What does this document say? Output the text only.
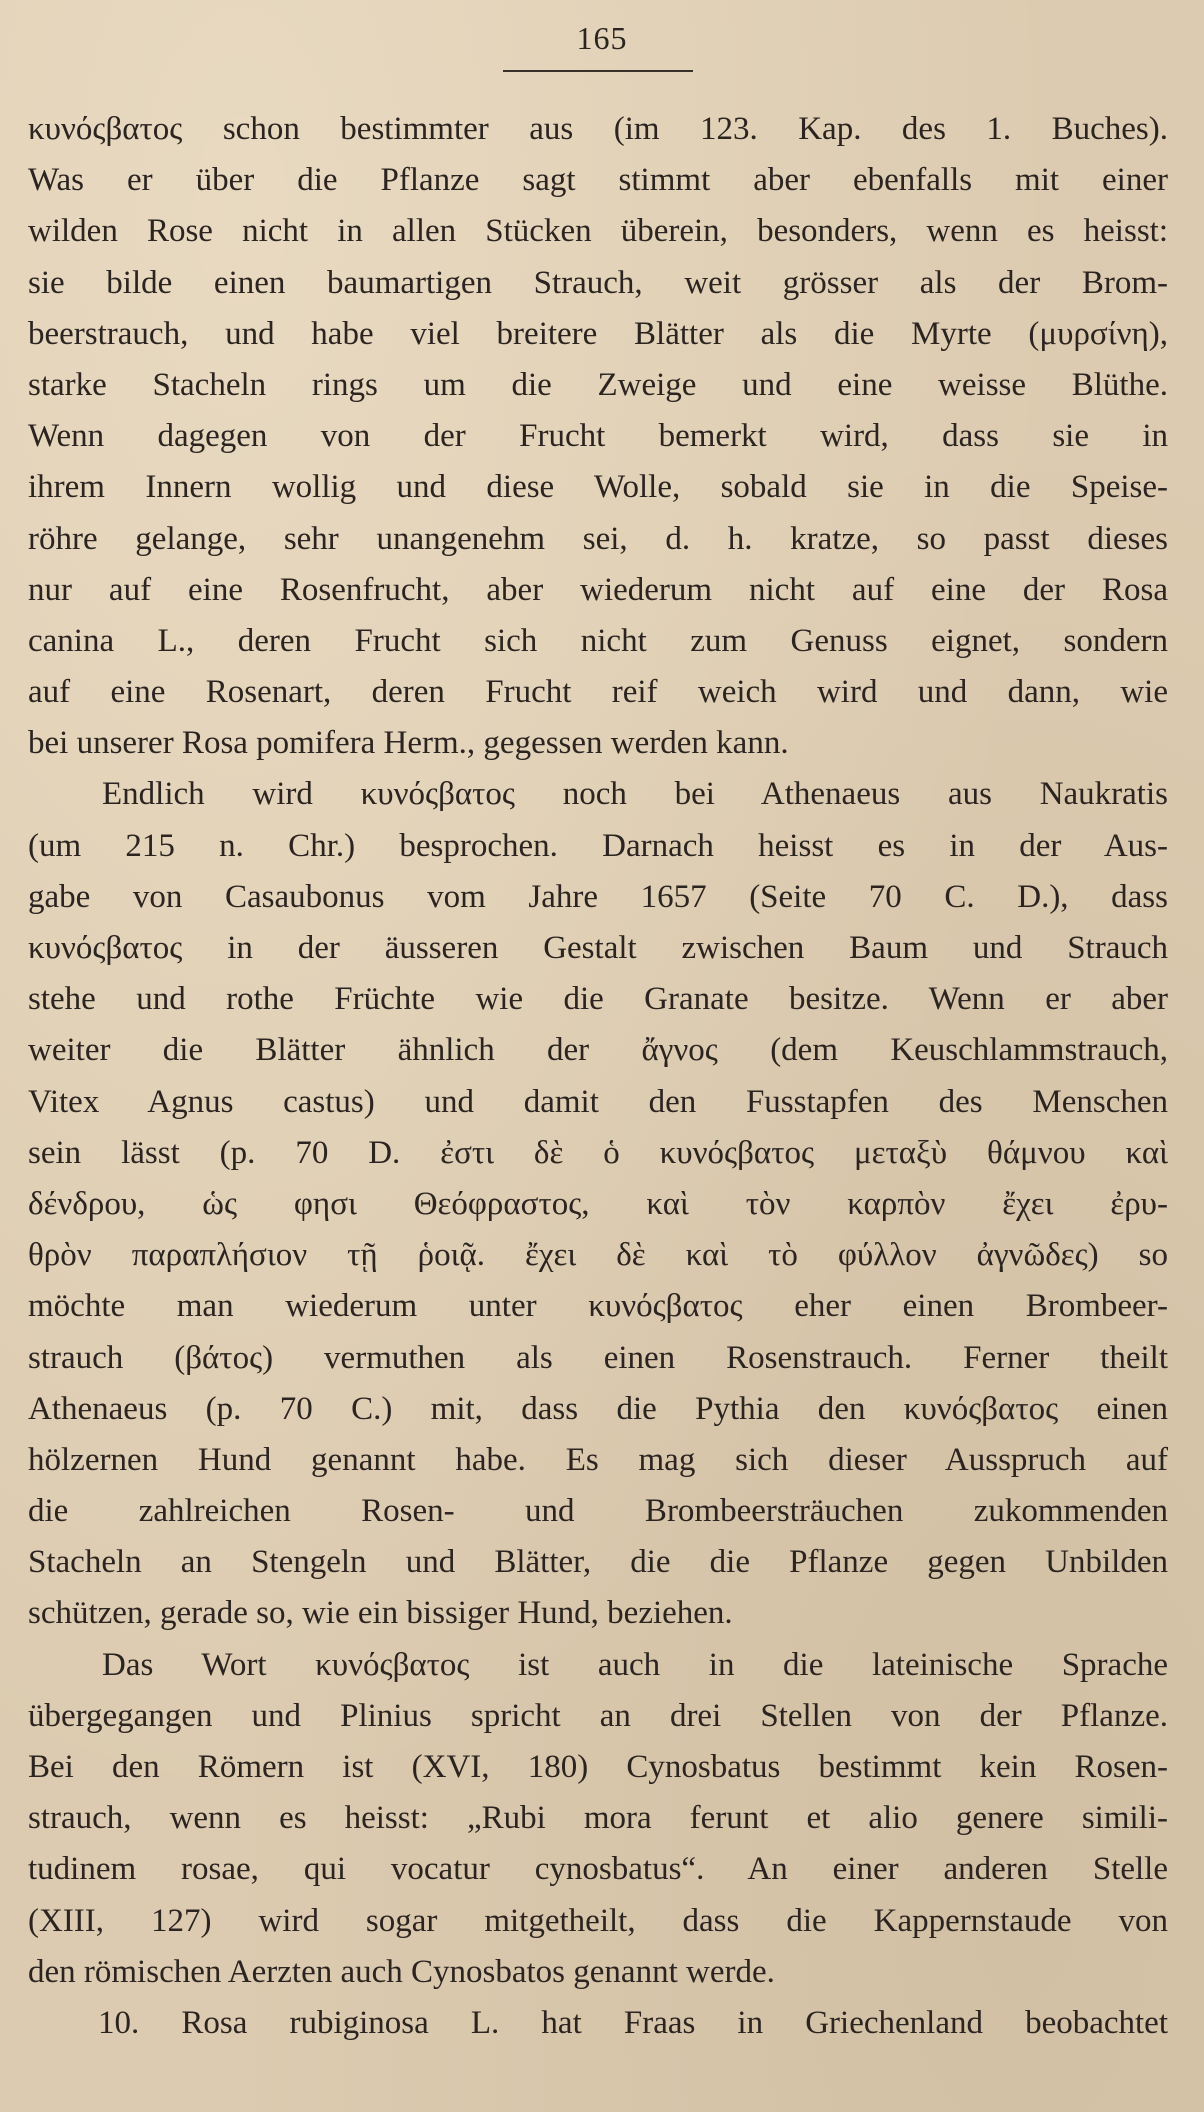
165
κυνόςβατος schon bestimmter aus (im 123. Kap. des 1. Buches).
Was er über die Pflanze sagt stimmt aber ebenfalls mit einer
wilden Rose nicht in allen Stücken überein, besonders, wenn es heisst:
sie bilde einen baumartigen Strauch, weit grösser als der Brom-
beerstrauch, und habe viel breitere Blätter als die Myrte (μυρσίνη),
starke Stacheln rings um die Zweige und eine weisse Blüthe.
Wenn dagegen von der Frucht bemerkt wird, dass sie in
ihrem Innern wollig und diese Wolle, sobald sie in die Speise-
röhre gelange, sehr unangenehm sei, d. h. kratze, so passt dieses
nur auf eine Rosenfrucht, aber wiederum nicht auf eine der Rosa
canina L., deren Frucht sich nicht zum Genuss eignet, sondern
auf eine Rosenart, deren Frucht reif weich wird und dann, wie
bei unserer Rosa pomifera Herm., gegessen werden kann.
Endlich wird κυνόςβατος noch bei Athenaeus aus Naukratis
(um 215 n. Chr.) besprochen. Darnach heisst es in der Aus-
gabe von Casaubonus vom Jahre 1657 (Seite 70 C. D.), dass
κυνόςβατος in der äusseren Gestalt zwischen Baum und Strauch
stehe und rothe Früchte wie die Granate besitze. Wenn er aber
weiter die Blätter ähnlich der ἄγνος (dem Keuschlammstrauch,
Vitex Agnus castus) und damit den Fusstapfen des Menschen
sein lässt (p. 70 D. ἐστι δὲ ὁ κυνόςβατος μεταξὺ θάμνου καὶ
δένδρου, ὡς φησι Θεόφραστος, καὶ τὸν καρπὸν ἔχει ἐρυ-
θρὸν παραπλήσιον τῇ ῥοιᾷ. ἔχει δὲ καὶ τὸ φύλλον ἀγνῶδες) so
möchte man wiederum unter κυνόςβατος eher einen Brombeer-
strauch (βάτος) vermuthen als einen Rosenstrauch. Ferner theilt
Athenaeus (p. 70 C.) mit, dass die Pythia den κυνόςβατος einen
hölzernen Hund genannt habe. Es mag sich dieser Ausspruch auf
die zahlreichen Rosen- und Brombeersträuchen zukommenden
Stacheln an Stengeln und Blätter, die die Pflanze gegen Unbilden
schützen, gerade so, wie ein bissiger Hund, beziehen.
Das Wort κυνόςβατος ist auch in die lateinische Sprache
übergegangen und Plinius spricht an drei Stellen von der Pflanze.
Bei den Römern ist (XVI, 180) Cynosbatus bestimmt kein Rosen-
strauch, wenn es heisst: „Rubi mora ferunt et alio genere simili-
tudinem rosae, qui vocatur cynosbatus“. An einer anderen Stelle
(XIII, 127) wird sogar mitgetheilt, dass die Kappernstaude von
den römischen Aerzten auch Cynosbatos genannt werde.
10. Rosa rubiginosa L. hat Fraas in Griechenland beobachtet
